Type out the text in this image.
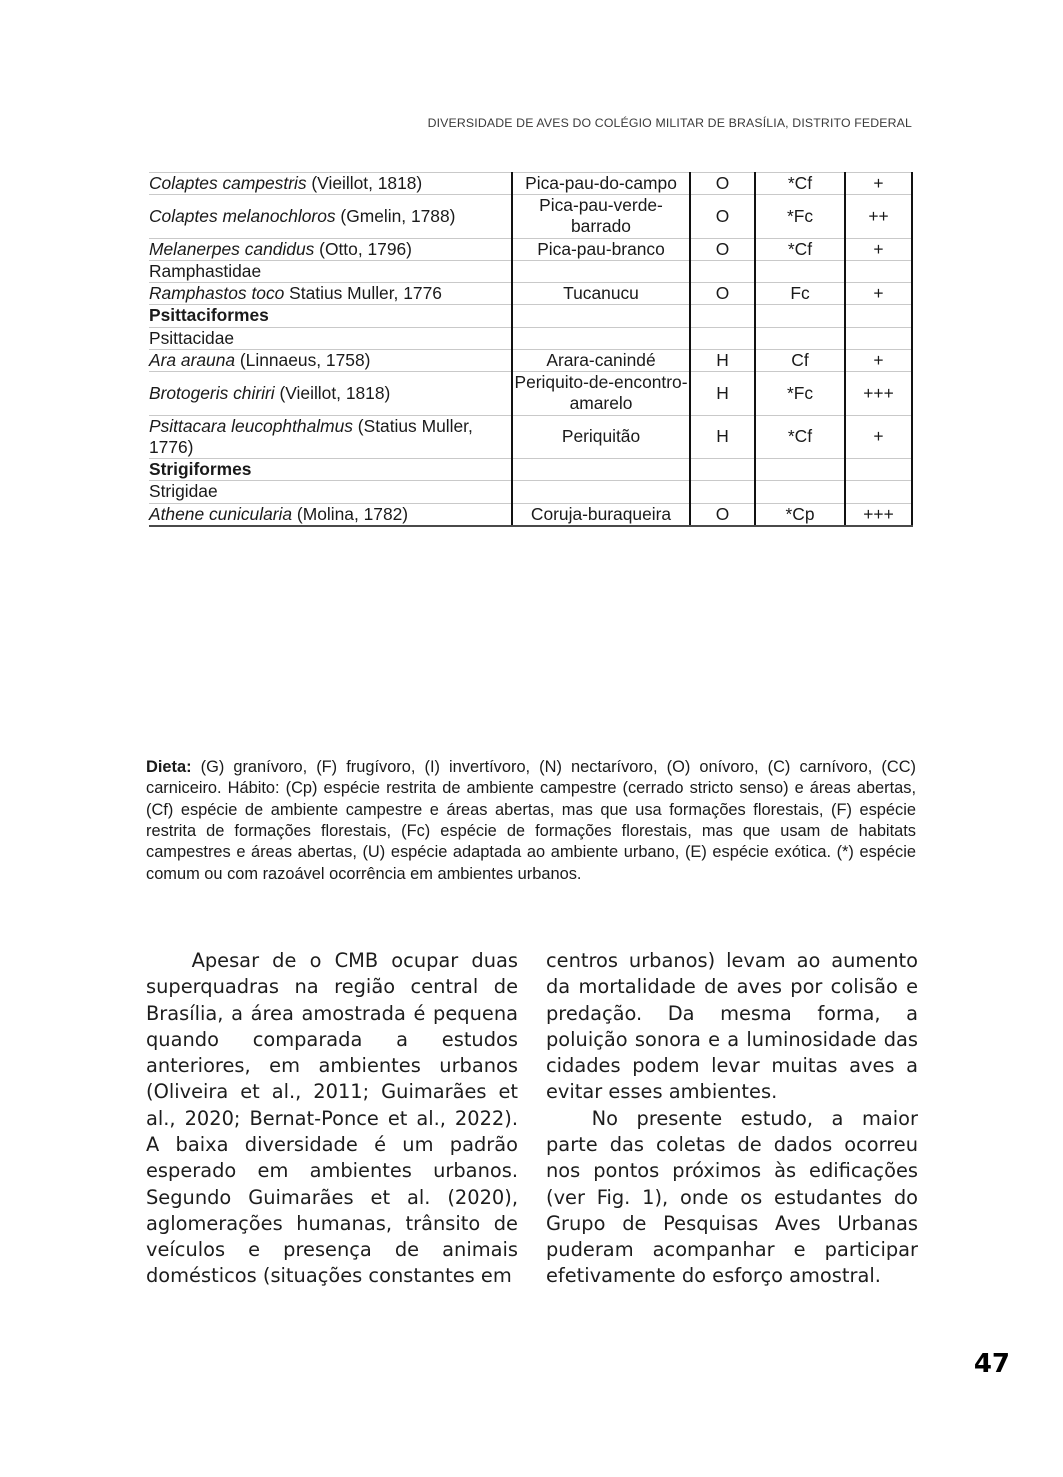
DIVERSIDADE DE AVES DO COLÉGIO MILITAR DE BRASÍLIA, DISTRITO FEDERAL
Colaptes campestris (Vieillot, 1818)	Pica-pau-do-campo	O	*Cf	+
Colaptes melanochloros (Gmelin, 1788)	Pica-pau-verde-barrado	O	*Fc	++
Melanerpes candidus (Otto, 1796)	Pica-pau-branco	O	*Cf	+
Ramphastidae				
Ramphastos toco Statius Muller, 1776	Tucanucu	O	Fc	+
Psittaciformes				
Psittacidae				
Ara arauna (Linnaeus, 1758)	Arara-canindé	H	Cf	+
Brotogeris chiriri (Vieillot, 1818)	Periquito-de-encontro-amarelo	H	*Fc	+++
Psittacara leucophthalmus (Statius Muller, 1776)	Periquitão	H	*Cf	+
Strigiformes				
Strigidae				
Athene cunicularia (Molina, 1782)	Coruja-buraqueira	O	*Cp	+++
Dieta: (G) granívoro, (F) frugívoro, (I) invertívoro, (N) nectarívoro, (O) onívoro, (C) carnívoro, (CC) carniceiro. Hábito: (Cp) espécie restrita de ambiente campestre (cerrado stricto senso) e áreas abertas, (Cf) espécie de ambiente campestre e áreas abertas, mas que usa formações florestais, (F) espécie restrita de formações florestais, (Fc) espécie de formações florestais, mas que usam de habitats campestres e áreas abertas, (U) espécie adaptada ao ambiente urbano, (E) espécie exótica. (*) espécie comum ou com razoável ocorrência em ambientes urbanos.

Apesar de o CMB ocupar duas superquadras na região central de Brasília, a área amostrada é pequena quando comparada a estudos anteriores, em ambientes urbanos (Oliveira et al., 2011; Guimarães et al., 2020; Bernat-Ponce et al., 2022). A baixa diversidade é um padrão esperado em ambientes urbanos. Segundo Guimarães et al. (2020), aglomerações humanas, trânsito de veículos e presença de animais domésticos (situações constantes em

centros urbanos) levam ao aumento da mortalidade de aves por colisão e predação. Da mesma forma, a poluição sonora e a luminosidade das cidades podem levar muitas aves a evitar esses ambientes.

No presente estudo, a maior parte das coletas de dados ocorreu nos pontos próximos às edificações (ver Fig. 1), onde os estudantes do Grupo de Pesquisas Aves Urbanas puderam acompanhar e participar efetivamente do esforço amostral.

47
